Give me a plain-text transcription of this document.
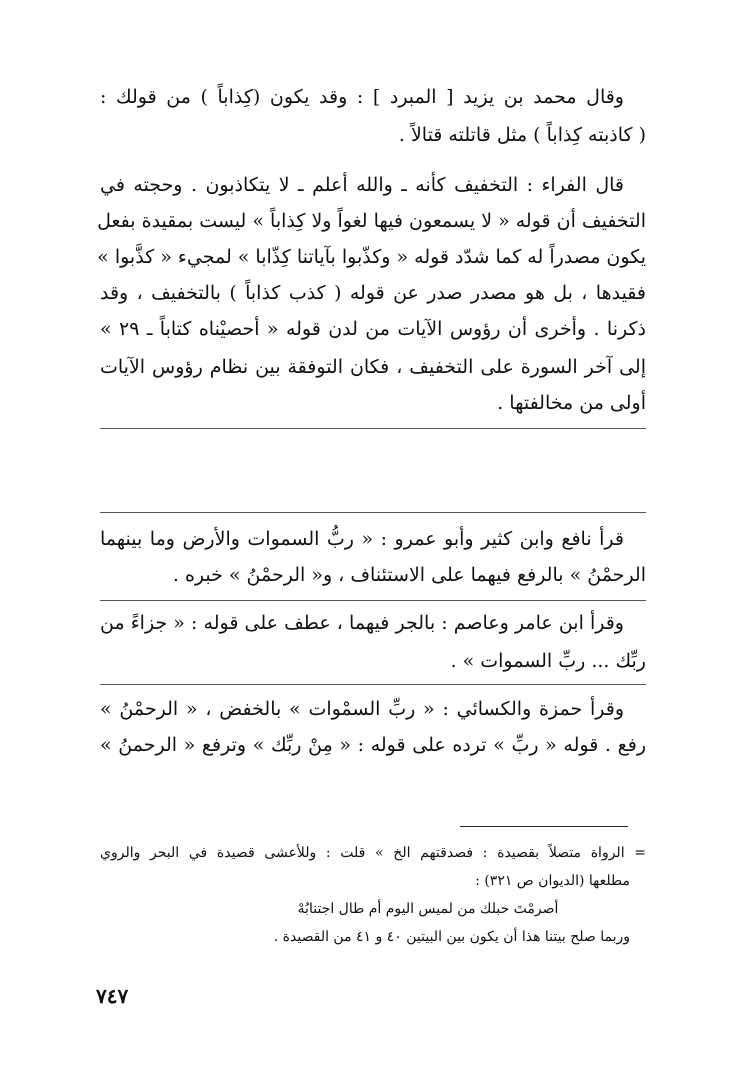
وقال محمد بن يزيد [ المبرد ] : وقد يكون (كِذاباً ) من قولك :
( كاذبته كِذاباً ) مثل قاتلته قتالاً .
قال الفراء : التخفيف كأنه ـ والله أعلم ـ لا يتكاذبون . وحجته في
التخفيف أن قوله « لا يسمعون فيها لغواً ولا كِذاباً » ليست بمقيدة بفعل
يكون مصدراً له كما شدّد قوله « وكذّبوا بآياتنا كِذّابا » لمجيء « كذَّبوا »
فقيدها ، بل هو مصدر صدر عن قوله ( كذب كذاباً ) بالتخفيف ، وقد
ذكرنا . وأخرى أن رؤوس الآيات من لدن قوله « أحصيْناه كتاباً ـ ٢٩ »
إلى آخر السورة على التخفيف ، فكان التوفقة بين نظام رؤوس الآيات
أولى من مخالفتها .
قرأ نافع وابن كثير وأبو عمرو : « ربُّ السموات والأرض وما بينهما
الرحمْنُ » بالرفع فيهما على الاستئناف ، و« الرحمْنُ » خبره .
وقرأ ابن عامر وعاصم : بالجر فيهما ، عطف على قوله : « جزاءً من
ربِّك ... ربِّ السموات » .
وقرأ حمزة والكسائي : « ربِّ السمْوات » بالخفض ، « الرحمْنُ »
رفع . قوله « ربِّ » ترده على قوله : « مِنْ ربِّك » وترفع « الرحمنُ »
= الرواة متصلاً بقصيدة : فصدقتهم الخ » قلت : وللأعشى قصيدة في البحر والروي
مطلعها (الديوان ص ٣٢١) :
أصرمْتَ حبلك من لميس اليوم أم طال اجتنابُهْ
وربما صلح بيتنا هذا أن يكون بين البيتين ٤٠ و ٤١ من القصيدة .
٧٤٧
